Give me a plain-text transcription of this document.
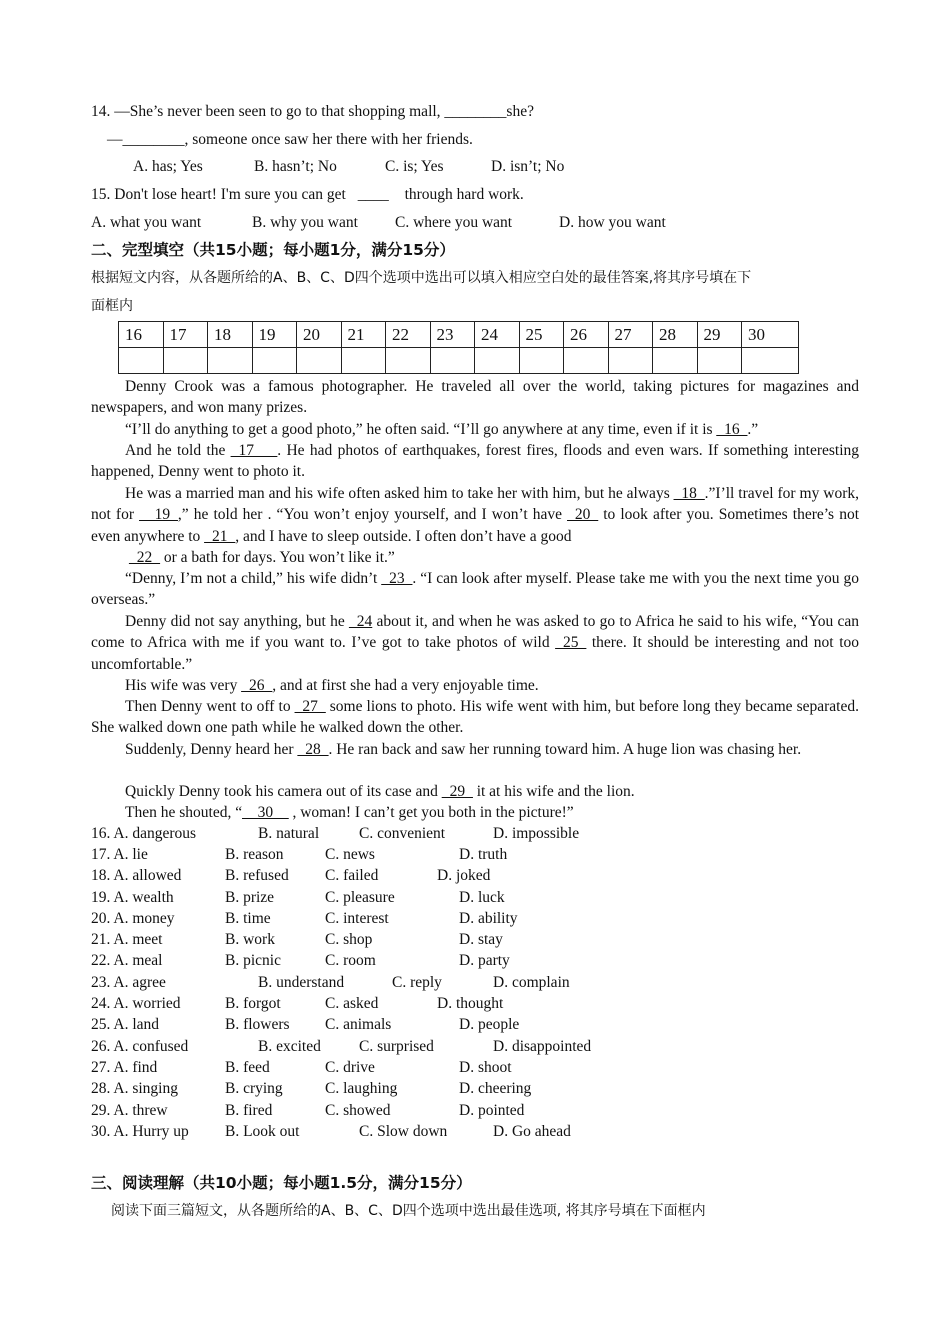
14. —She’s never been seen to go to that shopping mall, ________she?
—________, someone once saw her there with her friends.
A. has; Yes	B. hasn’t; No	C. is; Yes	D. isn’t; No
15. Don't lose heart! I'm sure you can get ____ through hard work.
A. what you want	B. why you want C. where you want	D. how you want
二、完型填空（共15小题；每小题1分，满分15分）
根据短文内容，从各题所给的A、B、C、D四个选项中选出可以填入相应空白处的最佳答案,将其序号填在下
面框内
16	17	18	19	20	21	22	23	24	25	26	27	28	29	30

Denny Crook was a famous photographer. He traveled all over the world, taking pictures for magazines and newspapers, and won many prizes.
“I’ll do anything to get a good photo,” he often said. “I’ll go anywhere at any time, even if it is _16_.”
And he told the _17___. He had photos of earthquakes, forest fires, floods and even wars. If something interesting happened, Denny went to photo it.
He was a married man and his wife often asked him to take her with him, but he always _18_.”I’ll travel for my work, not for __19_,” he told her . “You won’t enjoy yourself, and I won’t have _20_ to look after you. Sometimes there’s not even anywhere to _21_, and I have to sleep outside. I often don’t have a good
_22_ or a bath for days. You won’t like it.”
“Denny, I’m not a child,” his wife didn’t _23_. “I can look after myself. Please take me with you the next time you go overseas.”
Denny did not say anything, but he _24 about it, and when he was asked to go to Africa he said to his wife, “You can come to Africa with me if you want to. I’ve got to take photos of wild _25_ there. It should be interesting and not too uncomfortable.”
His wife was very _26_, and at first she had a very enjoyable time.
Then Denny went to off to _27_ some lions to photo. His wife went with him, but before long they became separated. She walked down one path while he walked down the other.
Suddenly, Denny heard her _28_. He ran back and saw her running toward him. A huge lion was chasing her.
Quickly Denny took his camera out of its case and _29_ it at his wife and the lion.
Then he shouted, “__30__ , woman! I can’t get you both in the picture!”
16. A. dangerous	B. natural	C. convenient	D. impossible
17. A. lie	B. reason	C. news	D. truth
18. A. allowed	B. refused C. failed	D. joked
19. A. wealth	B. prize	C. pleasure	D. luck
20. A. money	B. time	C. interest	D. ability
21. A. meet	B. work	C. shop	D. stay
22. A. meal	B. picnic	C. room	D. party
23. A. agree	B. understand	C. reply	D. complain
24. A. worried	B. forgot	C. asked	D. thought
25. A. land	B. flowers C. animals	D. people
26. A. confused	B. excited C. surprised	D. disappointed
27. A. find	B. feed	C. drive	D. shoot
28. A. singing	B. crying	C. laughing	D. cheering
29. A. threw	B. fired	C. showed	D. pointed
30. A. Hurry up B. Look out	C. Slow down	D. Go ahead
三、阅读理解（共10小题；每小题1.5分，满分15分）
阅读下面三篇短文，从各题所给的A、B、C、D四个选项中选出最佳选项, 将其序号填在下面框内
